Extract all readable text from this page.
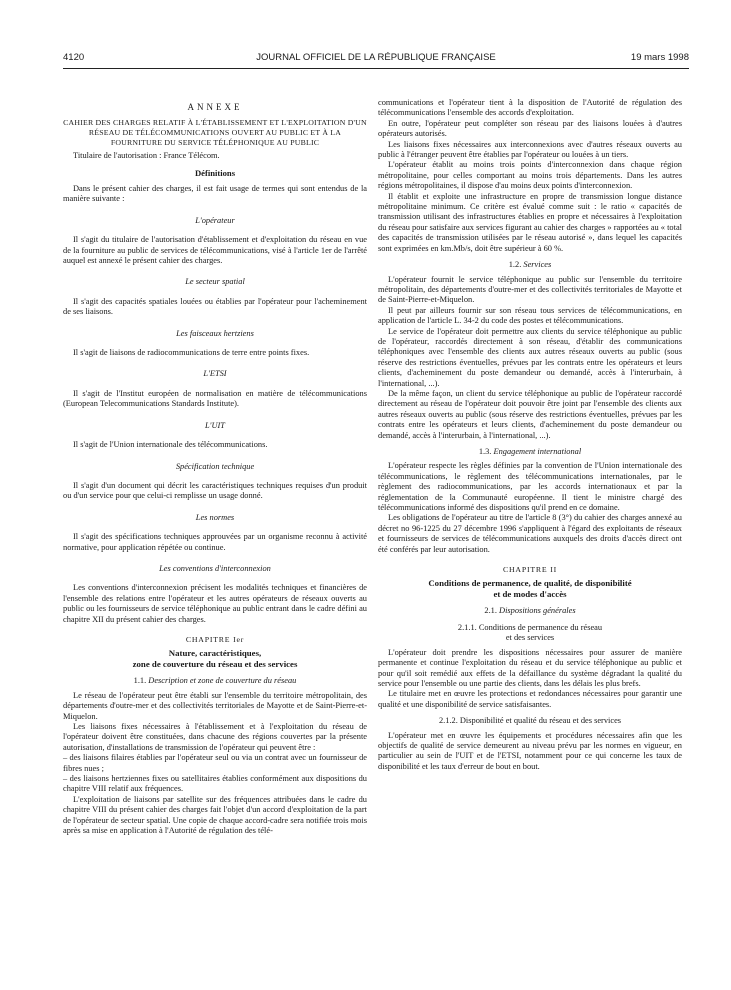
4120	JOURNAL OFFICIEL DE LA RÉPUBLIQUE FRANÇAISE	19 mars 1998
ANNEXE
CAHIER DES CHARGES RELATIF À L'ÉTABLISSEMENT ET L'EXPLOITATION D'UN RÉSEAU DE TÉLÉCOMMUNICATIONS OUVERT AU PUBLIC ET À LA FOURNITURE DU SERVICE TÉLÉPHONIQUE AU PUBLIC

Titulaire de l'autorisation : France Télécom.

Définitions

Dans le présent cahier des charges, il est fait usage de termes qui sont entendus de la manière suivante :

L'opérateur

Il s'agit du titulaire de l'autorisation d'établissement et d'exploitation du réseau en vue de la fourniture au public de services de télécommunications, visé à l'article 1er de l'arrêté auquel est annexé le présent cahier des charges.

Le secteur spatial

Il s'agit des capacités spatiales louées ou établies par l'opérateur pour l'acheminement de ses liaisons.

Les faisceaux hertziens

Il s'agit de liaisons de radiocommunications de terre entre points fixes.

L'ETSI

Il s'agit de l'Institut européen de normalisation en matière de télécommunications (European Telecommunications Standards Institute).

L'UIT

Il s'agit de l'Union internationale des télécommunications.

Spécification technique

Il s'agit d'un document qui décrit les caractéristiques techniques requises d'un produit ou d'un service pour que celui-ci remplisse un usage donné.

Les normes

Il s'agit des spécifications techniques approuvées par un organisme reconnu à activité normative, pour application répétée ou continue.

Les conventions d'interconnexion

Les conventions d'interconnexion précisent les modalités techniques et financières de l'ensemble des relations entre l'opérateur et les autres opérateurs de réseaux ouverts au public ou les fournisseurs de service téléphonique au public entrant dans le cadre défini au chapitre XII du présent cahier des charges.

CHAPITRE Ier
Nature, caractéristiques,
zone de couverture du réseau et des services
1.1. Description et zone de couverture du réseau

Le réseau de l'opérateur peut être établi sur l'ensemble du territoire métropolitain, des départements d'outre-mer et des collectivités territoriales de Mayotte et de Saint-Pierre-et-Miquelon.

Les liaisons fixes nécessaires à l'établissement et à l'exploitation du réseau de l'opérateur doivent être constituées, dans chacune des régions couvertes par la présente autorisation, d'installations de transmission de l'opérateur qui peuvent être :

– des liaisons filaires établies par l'opérateur seul ou via un contrat avec un fournisseur de fibres nues ;

– des liaisons hertziennes fixes ou satellitaires établies conformément aux dispositions du chapitre VIII relatif aux fréquences.

L'exploitation de liaisons par satellite sur des fréquences attribuées dans le cadre du chapitre VIII du présent cahier des charges fait l'objet d'un accord d'exploitation de la part de l'opérateur de secteur spatial. Une copie de chaque accord-cadre sera notifiée trois mois après sa mise en application à l'Autorité de régulation des télé-

communications et l'opérateur tient à la disposition de l'Autorité de régulation des télécommunications l'ensemble des accords d'exploitation.

En outre, l'opérateur peut compléter son réseau par des liaisons louées à d'autres opérateurs autorisés.

Les liaisons fixes nécessaires aux interconnexions avec d'autres réseaux ouverts au public à l'étranger peuvent être établies par l'opérateur ou louées à un tiers.

L'opérateur établit au moins trois points d'interconnexion dans chaque région métropolitaine, pour celles comportant au moins trois départements. Dans les autres régions métropolitaines, il dispose d'au moins deux points d'interconnexion.

Il établit et exploite une infrastructure en propre de transmission longue distance métropolitaine minimum. Ce critère est évalué comme suit : le ratio « capacités de transmission utilisant des infrastructures établies en propre et nécessaires à l'exploitation du réseau pour satisfaire aux services figurant au cahier des charges » rapportées au « total des capacités de transmission utilisées par le réseau autorisé », dans lequel les capacités sont exprimées en km.Mb/s, doit être supérieur à 60 %.

1.2. Services

L'opérateur fournit le service téléphonique au public sur l'ensemble du territoire métropolitain, des départements d'outre-mer et des collectivités territoriales de Mayotte et de Saint-Pierre-et-Miquelon.

Il peut par ailleurs fournir sur son réseau tous services de télécommunications, en application de l'article L. 34-2 du code des postes et télécommunications.

Le service de l'opérateur doit permettre aux clients du service téléphonique au public de l'opérateur, raccordés directement à son réseau, d'établir des communications téléphoniques avec l'ensemble des clients aux autres réseaux ouverts au public (sous réserve des restrictions éventuelles, prévues par les contrats entre les opérateurs et leurs clients, d'acheminement du poste demandeur ou demandé, accès à l'interurbain, à l'international, ...).

De la même façon, un client du service téléphonique au public de l'opérateur raccordé directement au réseau de l'opérateur doit pouvoir être joint par l'ensemble des clients aux autres réseaux ouverts au public (sous réserve des restrictions éventuelles, prévues par les contrats entre les opérateurs et leurs clients, d'acheminement du poste demandeur ou demandé, accès à l'interurbain, à l'international, ...).

1.3. Engagement international

L'opérateur respecte les règles définies par la convention de l'Union internationale des télécommunications, le règlement des télécommunications internationales, par le règlement des radiocommunications, par les accords internationaux et par la réglementation de la Communauté européenne. Il tient le ministre chargé des télécommunications informé des dispositions qu'il prend en ce domaine.

Les obligations de l'opérateur au titre de l'article 8 (3°) du cahier des charges annexé au décret no 96-1225 du 27 décembre 1996 s'appliquent à l'égard des exploitants de réseaux et fournisseurs de services de télécommunications auxquels des droits d'accès direct ont été conférés par leur autorisation.

CHAPITRE II
Conditions de permanence, de qualité, de disponibilité
et de modes d'accès
2.1. Dispositions générales
2.1.1. Conditions de permanence du réseau
et des services

L'opérateur doit prendre les dispositions nécessaires pour assurer de manière permanente et continue l'exploitation du réseau et du service téléphonique au public et pour qu'il soit remédié aux effets de la défaillance du système dégradant la qualité du service pour l'ensemble ou une partie des clients, dans les délais les plus brefs.

Le titulaire met en œuvre les protections et redondances nécessaires pour garantir une qualité et une disponibilité de service satisfaisantes.

2.1.2. Disponibilité et qualité du réseau et des services

L'opérateur met en œuvre les équipements et procédures nécessaires afin que les objectifs de qualité de service demeurent au niveau prévu par les normes en vigueur, en particulier au sein de l'UIT et de l'ETSI, notamment pour ce qui concerne les taux de disponibilité et les taux d'erreur de bout en bout.
